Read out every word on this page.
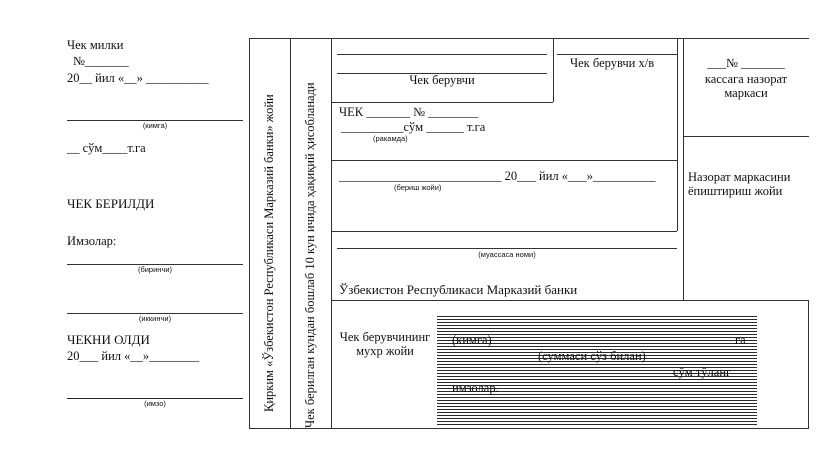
Чек милки
№_______
20__ йил «__» __________
(кимга)
__ сўм____т.га
ЧЕК БЕРИЛДИ
Имзолар:
(биринчи)
(иккинчи)
ЧЕКНИ ОЛДИ
20___ йил «__»________
(имзо)	Қирким «Ўзбекистон Республикаси Марказий банки» жойи Чек берилган кундан бошлаб 10 кун ичида ҳақиқий ҳисобланади
Чек берувчи
Чек берувчи х/в
ЧЕК _______ № ________
__________сўм ______ т.га
(ракамда)
__________________________ 20___ йил «___»__________
(бериш жойи)
(муассаса номи)
Ўзбекистон Республикаси Марказий банки
Чек берувчининг мухр жойи
___№ _______
кассага назорат маркаси
Назорат маркасини ёпиштириш жойи
(кимга)	га
(суммаси сўз билан)
сўм тўланг
имзолар.
